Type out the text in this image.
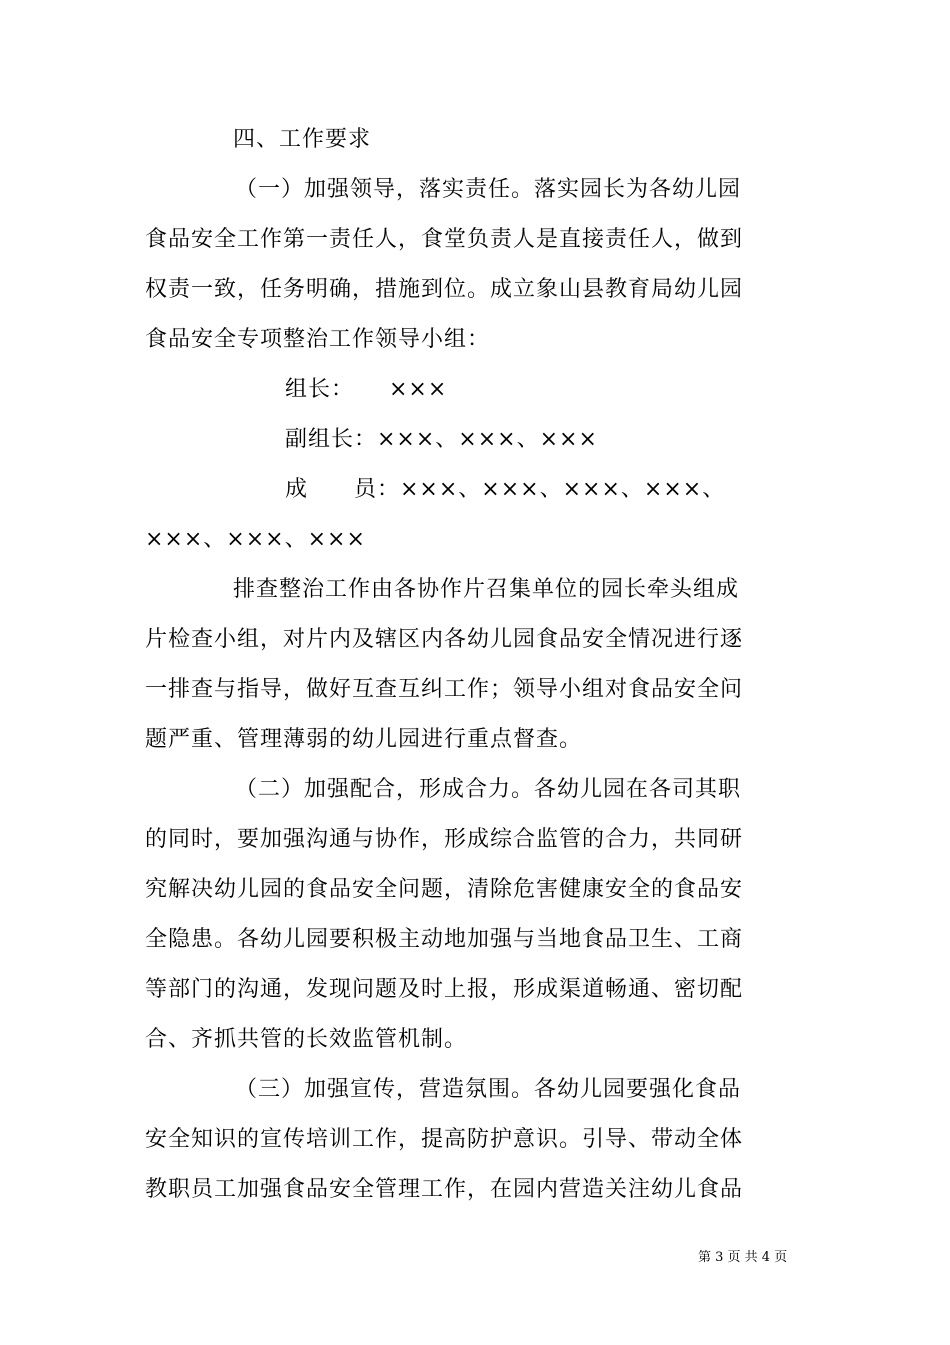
四、工作要求
（一）加强领导，落实责任。落实园长为各幼儿园
食品安全工作第一责任人，食堂负责人是直接责任人，做到
权责一致，任务明确，措施到位。成立象山县教育局幼儿园
食品安全专项整治工作领导小组：
组长：　　×××
副组长：×××、×××、×××
成　　员：×××、×××、×××、×××、
×××、×××、×××
排查整治工作由各协作片召集单位的园长牵头组成
片检查小组，对片内及辖区内各幼儿园食品安全情况进行逐
一排查与指导，做好互查互纠工作；领导小组对食品安全问
题严重、管理薄弱的幼儿园进行重点督查。
（二）加强配合，形成合力。各幼儿园在各司其职
的同时，要加强沟通与协作，形成综合监管的合力，共同研
究解决幼儿园的食品安全问题，清除危害健康安全的食品安
全隐患。各幼儿园要积极主动地加强与当地食品卫生、工商
等部门的沟通，发现问题及时上报，形成渠道畅通、密切配
合、齐抓共管的长效监管机制。
（三）加强宣传，营造氛围。各幼儿园要强化食品
安全知识的宣传培训工作，提高防护意识。引导、带动全体
教职员工加强食品安全管理工作，在园内营造关注幼儿食品
第 3 页 共 4 页
